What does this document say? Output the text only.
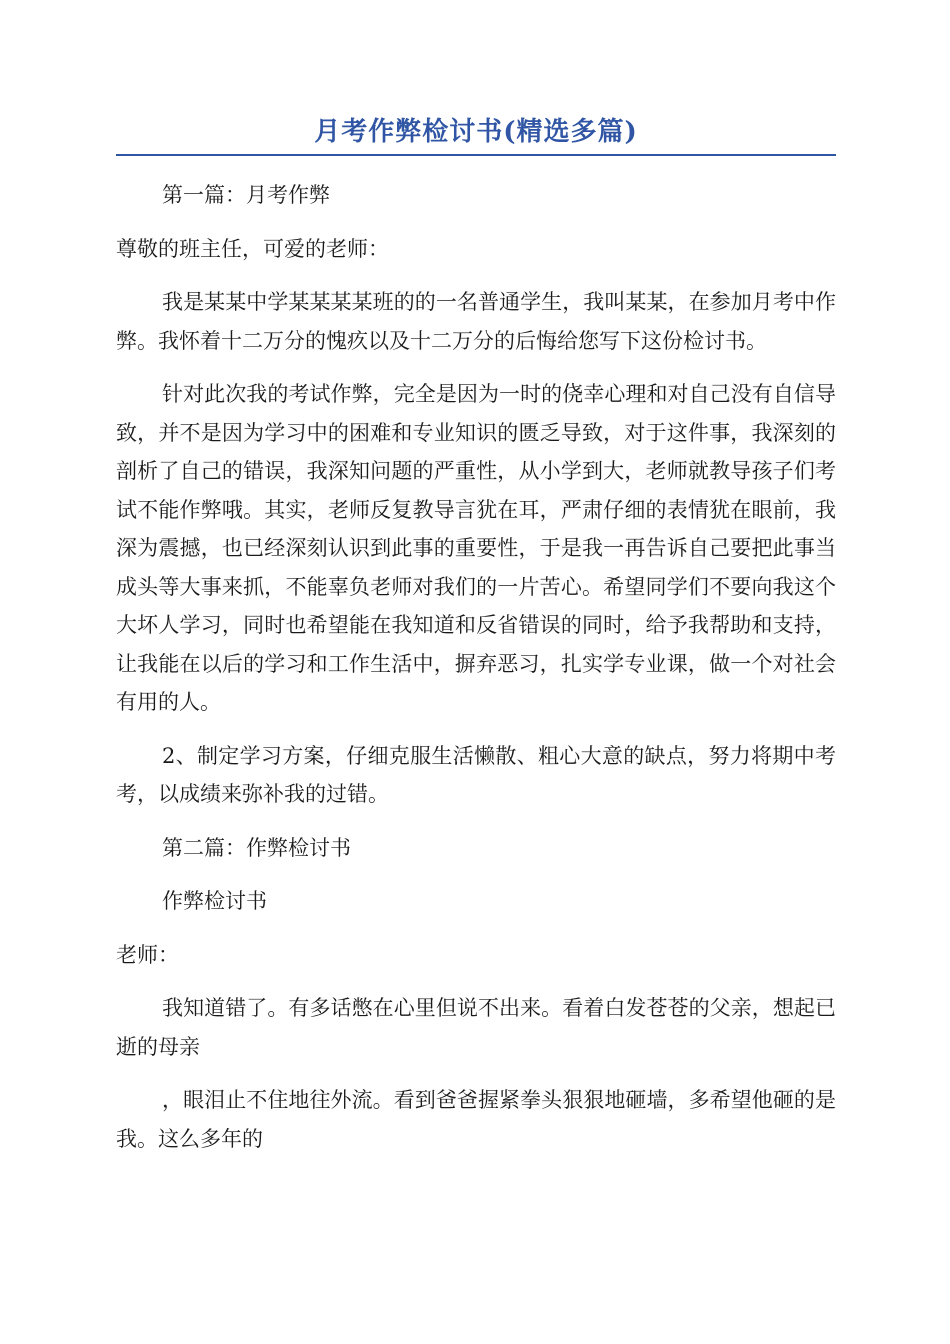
月考作弊检讨书(精选多篇)

第一篇：月考作弊

尊敬的班主任，可爱的老师：

我是某某中学某某某某班的的一名普通学生，我叫某某，在参加月考中作弊。我怀着十二万分的愧疚以及十二万分的后悔给您写下这份检讨书。

针对此次我的考试作弊，完全是因为一时的侥幸心理和对自己没有自信导致，并不是因为学习中的困难和专业知识的匮乏导致，对于这件事，我深刻的剖析了自己的错误，我深知问题的严重性，从小学到大，老师就教导孩子们考试不能作弊哦。其实，老师反复教导言犹在耳，严肃仔细的表情犹在眼前，我深为震撼，也已经深刻认识到此事的重要性，于是我一再告诉自己要把此事当成头等大事来抓，不能辜负老师对我们的一片苦心。希望同学们不要向我这个大坏人学习，同时也希望能在我知道和反省错误的同时，给予我帮助和支持，让我能在以后的学习和工作生活中，摒弃恶习，扎实学专业课，做一个对社会有用的人。

2、制定学习方案，仔细克服生活懒散、粗心大意的缺点，努力将期中考考，以成绩来弥补我的过错。

第二篇：作弊检讨书

作弊检讨书

老师：

我知道错了。有多话憋在心里但说不出来。看着白发苍苍的父亲，想起已逝的母亲

，眼泪止不住地往外流。看到爸爸握紧拳头狠狠地砸墙，多希望他砸的是我。这么多年的
